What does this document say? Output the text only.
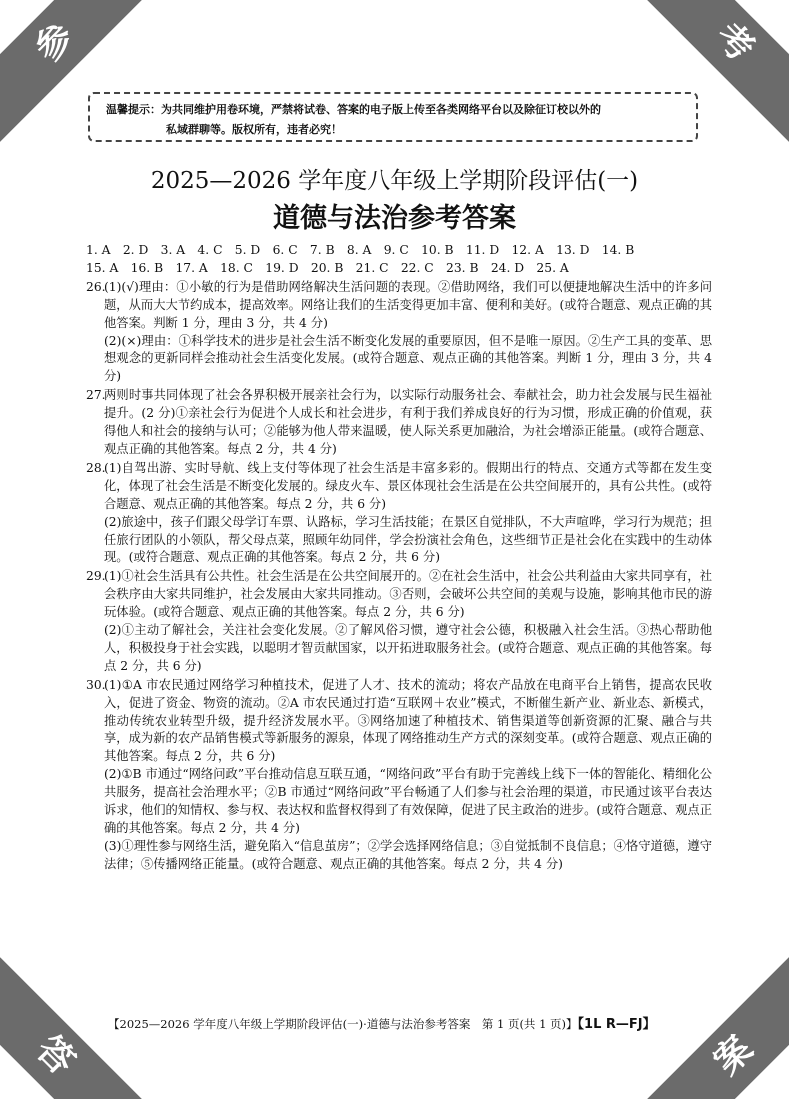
参	考
答	案
温馨提示：为共同维护用卷环境，严禁将试卷、答案的电子版上传至各类网络平台以及除征订校以外的
私域群聊等。版权所有，违者必究！
2025—2026 学年度八年级上学期阶段评估(一)
道德与法治参考答案
1. A　2. D　3. A　4. C　5. D　6. C　7. B　8. A　9. C　10. B　11. D　12. A　13. D　14. B
15. A　16. B　17. A　18. C　19. D　20. B　21. C　22. C　23. B　24. D　25. A
26.

(1)(√)理由：①小敏的行为是借助网络解决生活问题的表现。②借助网络，我们可以便捷地解决生活中的许多问题，从而大大节约成本，提高效率。网络让我们的生活变得更加丰富、便利和美好。(或符合题意、观点正确的其他答案。判断 1 分，理由 3 分，共 4 分)

(2)(×)理由：①科学技术的进步是社会生活不断变化发展的重要原因，但不是唯一原因。②生产工具的变革、思想观念的更新同样会推动社会生活变化发展。(或符合题意、观点正确的其他答案。判断 1 分，理由 3 分，共 4 分)

27.

两则时事共同体现了社会各界积极开展亲社会行为，以实际行动服务社会、奉献社会，助力社会发展与民生福祉提升。(2 分)①亲社会行为促进个人成长和社会进步，有利于我们养成良好的行为习惯，形成正确的价值观，获得他人和社会的接纳与认可；②能够为他人带来温暖，使人际关系更加融洽，为社会增添正能量。(或符合题意、观点正确的其他答案。每点 2 分，共 4 分)

28.

(1)自驾出游、实时导航、线上支付等体现了社会生活是丰富多彩的。假期出行的特点、交通方式等都在发生变化，体现了社会生活是不断变化发展的。绿皮火车、景区体现社会生活是在公共空间展开的，具有公共性。(或符合题意、观点正确的其他答案。每点 2 分，共 6 分)

(2)旅途中，孩子们跟父母学订车票、认路标，学习生活技能；在景区自觉排队，不大声喧哗，学习行为规范；担任旅行团队的小领队，帮父母点菜，照顾年幼同伴，学会扮演社会角色，这些细节正是社会化在实践中的生动体现。(或符合题意、观点正确的其他答案。每点 2 分，共 6 分)

29.

(1)①社会生活具有公共性。社会生活是在公共空间展开的。②在社会生活中，社会公共利益由大家共同享有，社会秩序由大家共同维护，社会发展由大家共同推动。③否则，会破坏公共空间的美观与设施，影响其他市民的游玩体验。(或符合题意、观点正确的其他答案。每点 2 分，共 6 分)

(2)①主动了解社会，关注社会变化发展。②了解风俗习惯，遵守社会公德，积极融入社会生活。③热心帮助他人，积极投身于社会实践，以聪明才智贡献国家，以开拓进取服务社会。(或符合题意、观点正确的其他答案。每点 2 分，共 6 分)

30.

(1)①A 市农民通过网络学习种植技术，促进了人才、技术的流动；将农产品放在电商平台上销售，提高农民收入，促进了资金、物资的流动。②A 市农民通过打造“互联网＋农业”模式，不断催生新产业、新业态、新模式，推动传统农业转型升级，提升经济发展水平。③网络加速了种植技术、销售渠道等创新资源的汇聚、融合与共享，成为新的农产品销售模式等新服务的源泉，体现了网络推动生产方式的深刻变革。(或符合题意、观点正确的其他答案。每点 2 分，共 6 分)

(2)①B 市通过“网络问政”平台推动信息互联互通，“网络问政”平台有助于完善线上线下一体的智能化、精细化公共服务，提高社会治理水平；②B 市通过“网络问政”平台畅通了人们参与社会治理的渠道，市民通过该平台表达诉求，他们的知情权、参与权、表达权和监督权得到了有效保障，促进了民主政治的进步。(或符合题意、观点正确的其他答案。每点 2 分，共 4 分)

(3)①理性参与网络生活，避免陷入“信息茧房”；②学会选择网络信息；③自觉抵制不良信息；④恪守道德，遵守法律；⑤传播网络正能量。(或符合题意、观点正确的其他答案。每点 2 分，共 4 分)

【2025—2026 学年度八年级上学期阶段评估(一)·道德与法治参考答案　第 1 页(共 1 页)】【1L R—FJ】
